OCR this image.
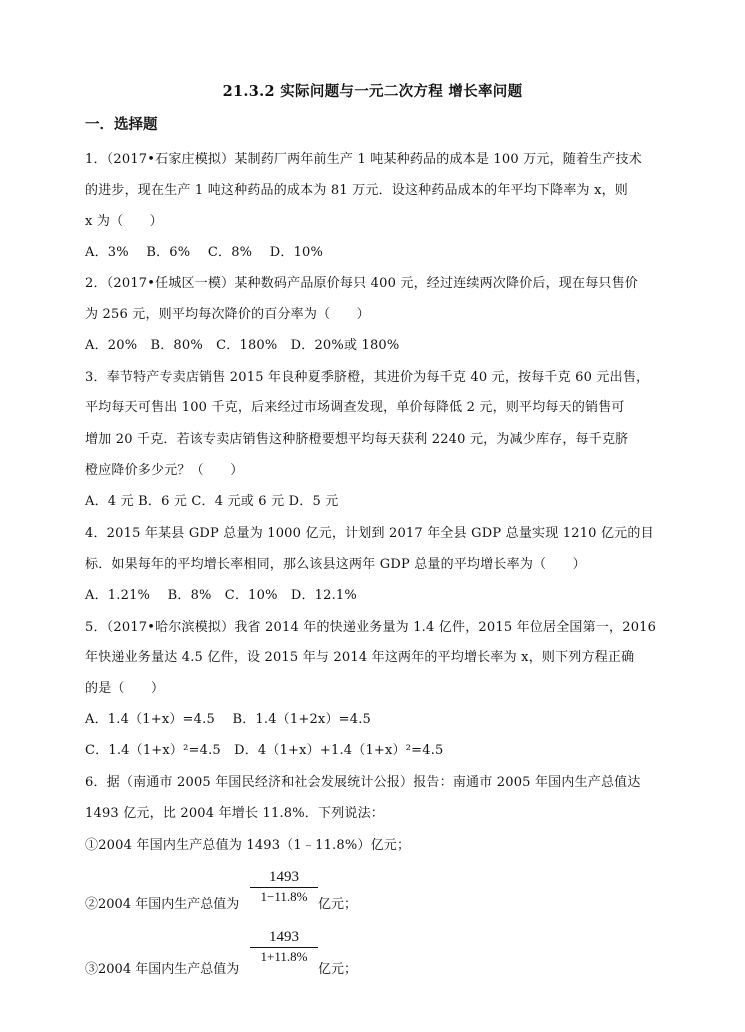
21.3.2 实际问题与一元二次方程 增长率问题
一．选择题
1．（2017•石家庄模拟）某制药厂两年前生产 1 吨某种药品的成本是 100 万元，随着生产技术
的进步，现在生产 1 吨这种药品的成本为 81 万元．设这种药品成本的年平均下降率为 x，则
x 为（　　）
A．3%　 B．6%　 C．8%　 D．10%
2．（2017•任城区一模）某种数码产品原价每只 400 元，经过连续两次降价后，现在每只售价
为 256 元，则平均每次降价的百分率为（　　）
A．20%　B．80%　C．180%　D．20%或 180%
3．奉节特产专卖店销售 2015 年良种夏季脐橙，其进价为每千克 40 元，按每千克 60 元出售，
平均每天可售出 100 千克，后来经过市场调查发现，单价每降低 2 元，则平均每天的销售可
增加 20 千克．若该专卖店销售这种脐橙要想平均每天获利 2240 元，为减少库存，每千克脐
橙应降价多少元？（　　）
A．4 元 B．6 元 C．4 元或 6 元 D．5 元
4．2015 年某县 GDP 总量为 1000 亿元，计划到 2017 年全县 GDP 总量实现 1210 亿元的目
标．如果每年的平均增长率相同，那么该县这两年 GDP 总量的平均增长率为（　　）
A．1.21%　 B．8%　C．10%　D．12.1%
5．（2017•哈尔滨模拟）我省 2014 年的快递业务量为 1.4 亿件，2015 年位居全国第一，2016
年快递业务量达 4.5 亿件，设 2015 年与 2014 年这两年的平均增长率为 x，则下列方程正确
的是（　　）
A．1.4（1+x）=4.5　 B．1.4（1+2x）=4.5
C．1.4（1+x）²=4.5　D．4（1+x）+1.4（1+x）²=4.5
6．据（南通市 2005 年国民经济和社会发展统计公报）报告：南通市 2005 年国内生产总值达
1493 亿元，比 2004 年增长 11.8%．下列说法：
①2004 年国内生产总值为 1493（1﹣11.8%）亿元；
②2004 年国内生产总值为
1493
1−11.8%
亿元；
③2004 年国内生产总值为
1493
1+11.8%
亿元；
